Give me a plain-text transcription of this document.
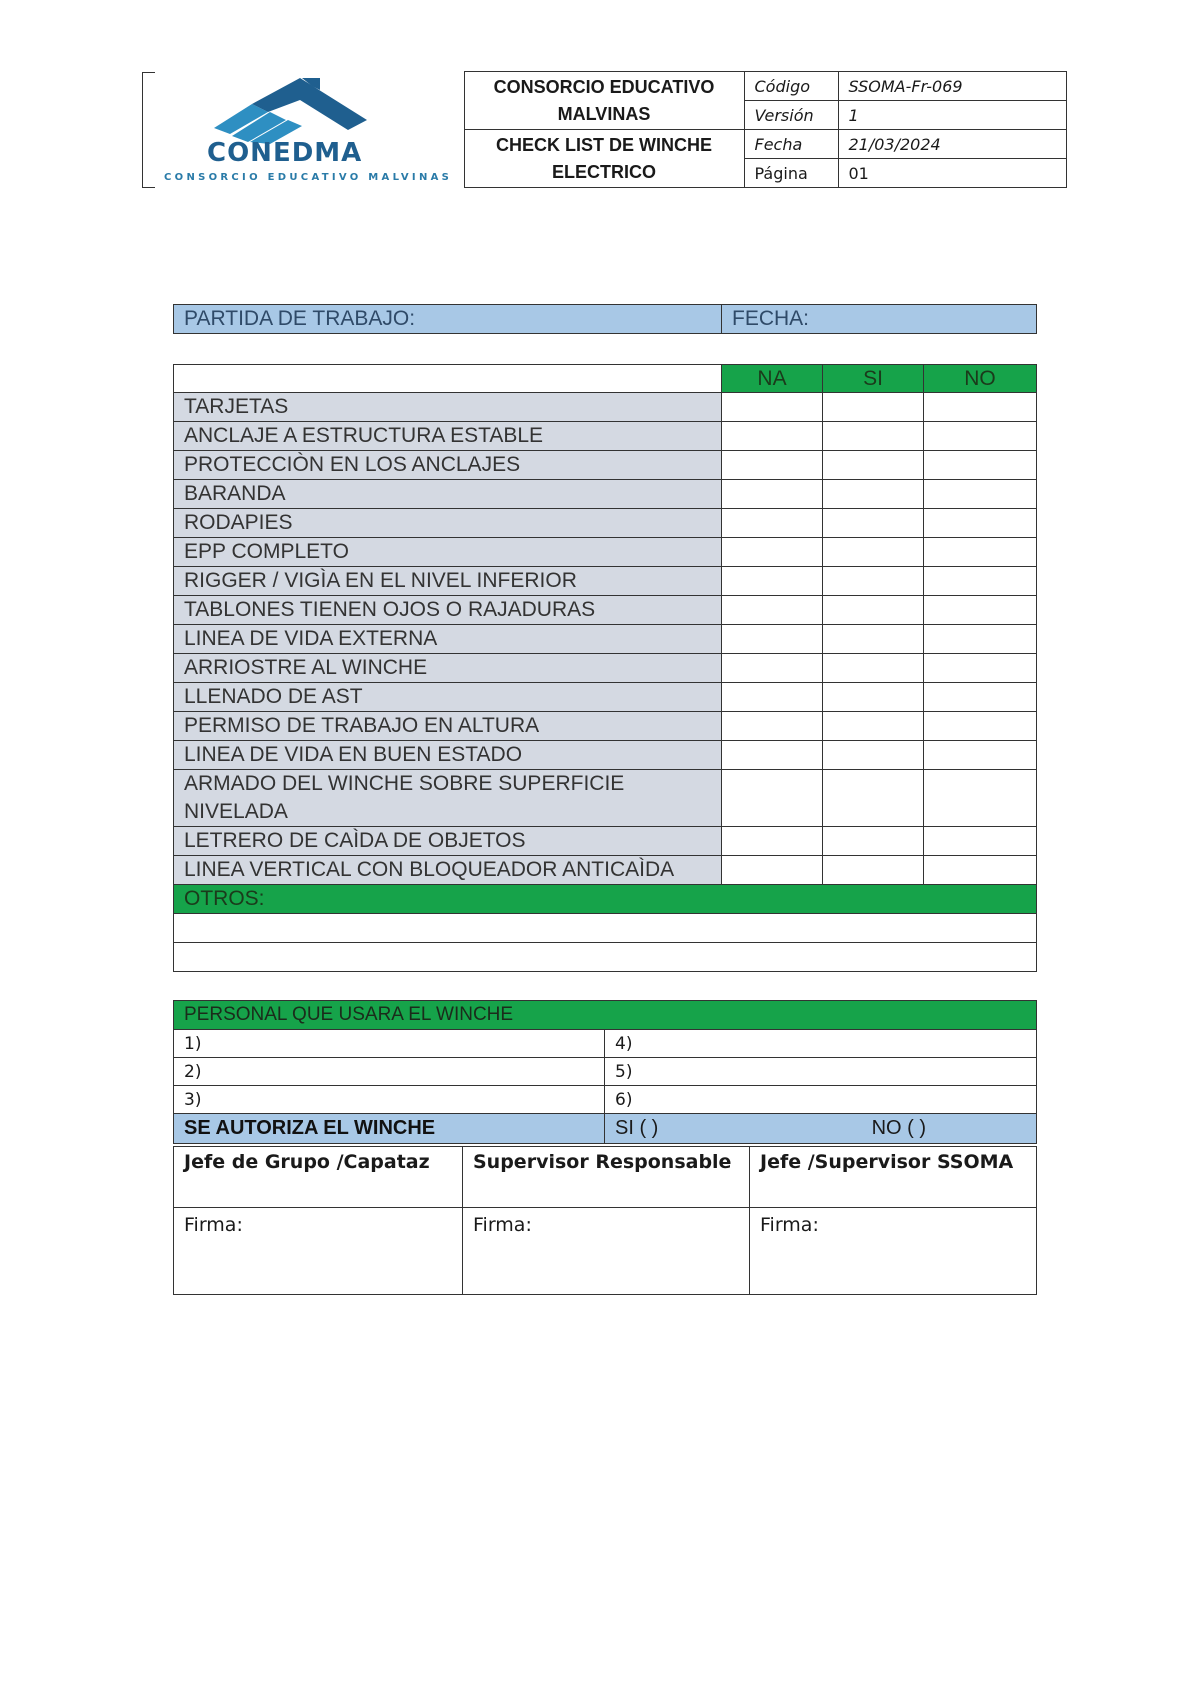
CONEDMA
CONSORCIO EDUCATIVO MALVINAS	CONSORCIO EDUCATIVO MALVINAS	Código	SSOMA-Fr-069
		Versión	1
	CHECK LIST DE WINCHE ELECTRICO	Fecha	21/03/2024
		Página	01
PARTIDA DE TRABAJO:	FECHA:
	NA	SI	NO
TARJETAS			
ANCLAJE A ESTRUCTURA ESTABLE			
PROTECCIÒN EN LOS ANCLAJES			
BARANDA			
RODAPIES			
EPP COMPLETO			
RIGGER / VIGÌA EN EL NIVEL INFERIOR			
TABLONES TIENEN OJOS O RAJADURAS			
LINEA DE VIDA EXTERNA			
ARRIOSTRE AL WINCHE			
LLENADO DE AST			
PERMISO DE TRABAJO EN ALTURA			
LINEA DE VIDA EN BUEN ESTADO			
ARMADO DEL WINCHE SOBRE SUPERFICIE NIVELADA			
LETRERO DE CAÌDA DE OBJETOS			
LINEA VERTICAL CON BLOQUEADOR ANTICAÌDA			
OTROS:			

PERSONAL QUE USARA EL WINCHE	
1)	4)
2)	5)
3)	6)
SE AUTORIZA EL WINCHE	SI ( ) NO ( )
Jefe de Grupo /Capataz	Supervisor Responsable	Jefe /Supervisor SSOMA
Firma:	Firma:	Firma:
